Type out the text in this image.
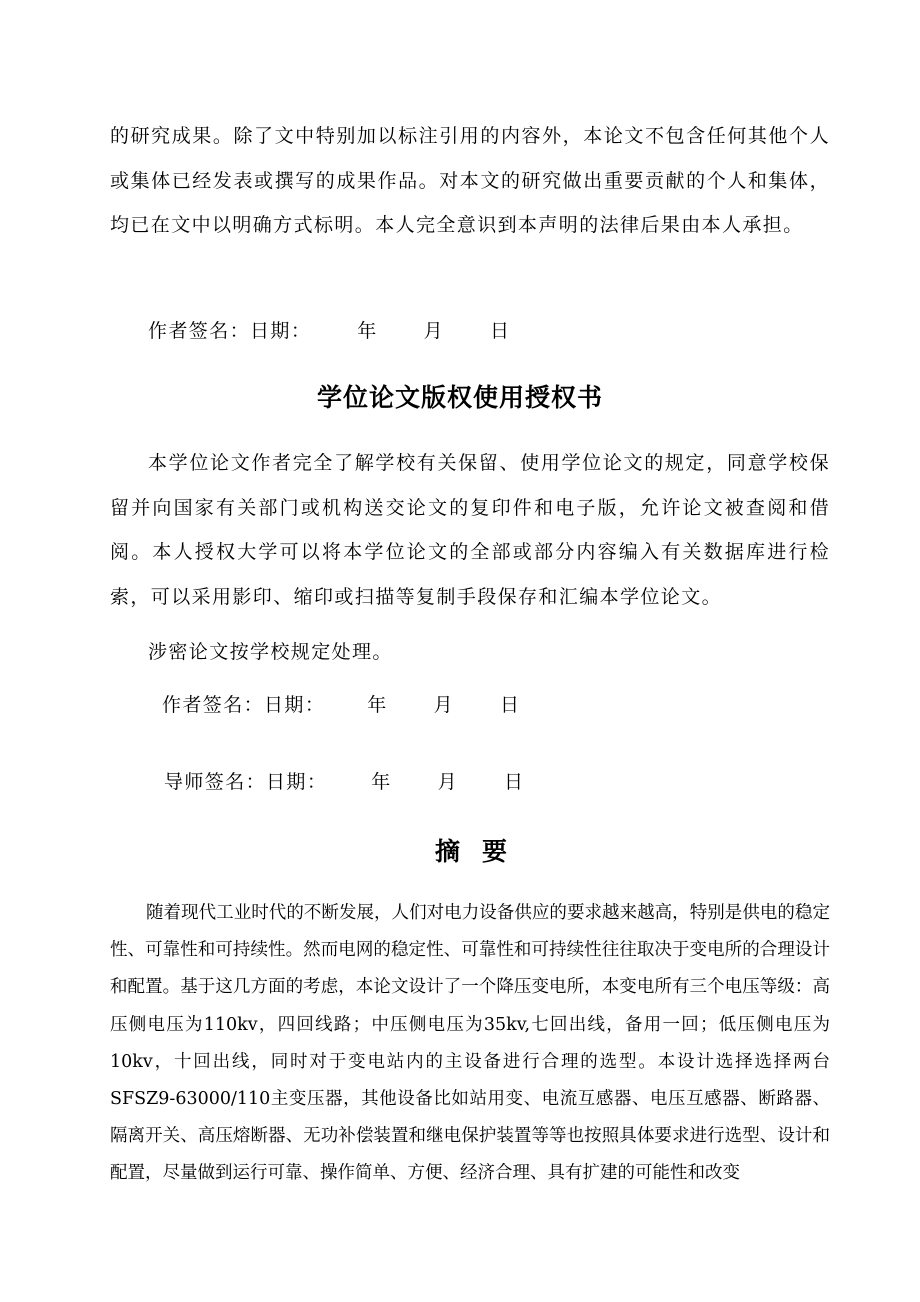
的研究成果。除了文中特别加以标注引用的内容外，本论文不包含任何其他个人或集体已经发表或撰写的成果作品。对本文的研究做出重要贡献的个人和集体，均已在文中以明确方式标明。本人完全意识到本声明的法律后果由本人承担。

作者签名：日期： 年 月 日
学位论文版权使用授权书

本学位论文作者完全了解学校有关保留、使用学位论文的规定，同意学校保留并向国家有关部门或机构送交论文的复印件和电子版，允许论文被查阅和借阅。本人授权大学可以将本学位论文的全部或部分内容编入有关数据库进行检索，可以采用影印、缩印或扫描等复制手段保存和汇编本学位论文。

涉密论文按学校规定处理。

作者签名：日期： 年 月 日
导师签名：日期： 年 月 日
摘要

随着现代工业时代的不断发展，人们对电力设备供应的要求越来越高，特别是供电的稳定性、可靠性和可持续性。然而电网的稳定性、可靠性和可持续性往往取决于变电所的合理设计和配置。基于这几方面的考虑，本论文设计了一个降压变电所，本变电所有三个电压等级：高压侧电压为110kv，四回线路；中压侧电压为35kv,七回出线，备用一回；低压侧电压为10kv，十回出线，同时对于变电站内的主设备进行合理的选型。本设计选择选择两台SFSZ9-63000/110主变压器，其他设备比如站用变、电流互感器、电压互感器、断路器、隔离开关、高压熔断器、无功补偿装置和继电保护装置等等也按照具体要求进行选型、设计和配置，尽量做到运行可靠、操作简单、方便、经济合理、具有扩建的可能性和改变
